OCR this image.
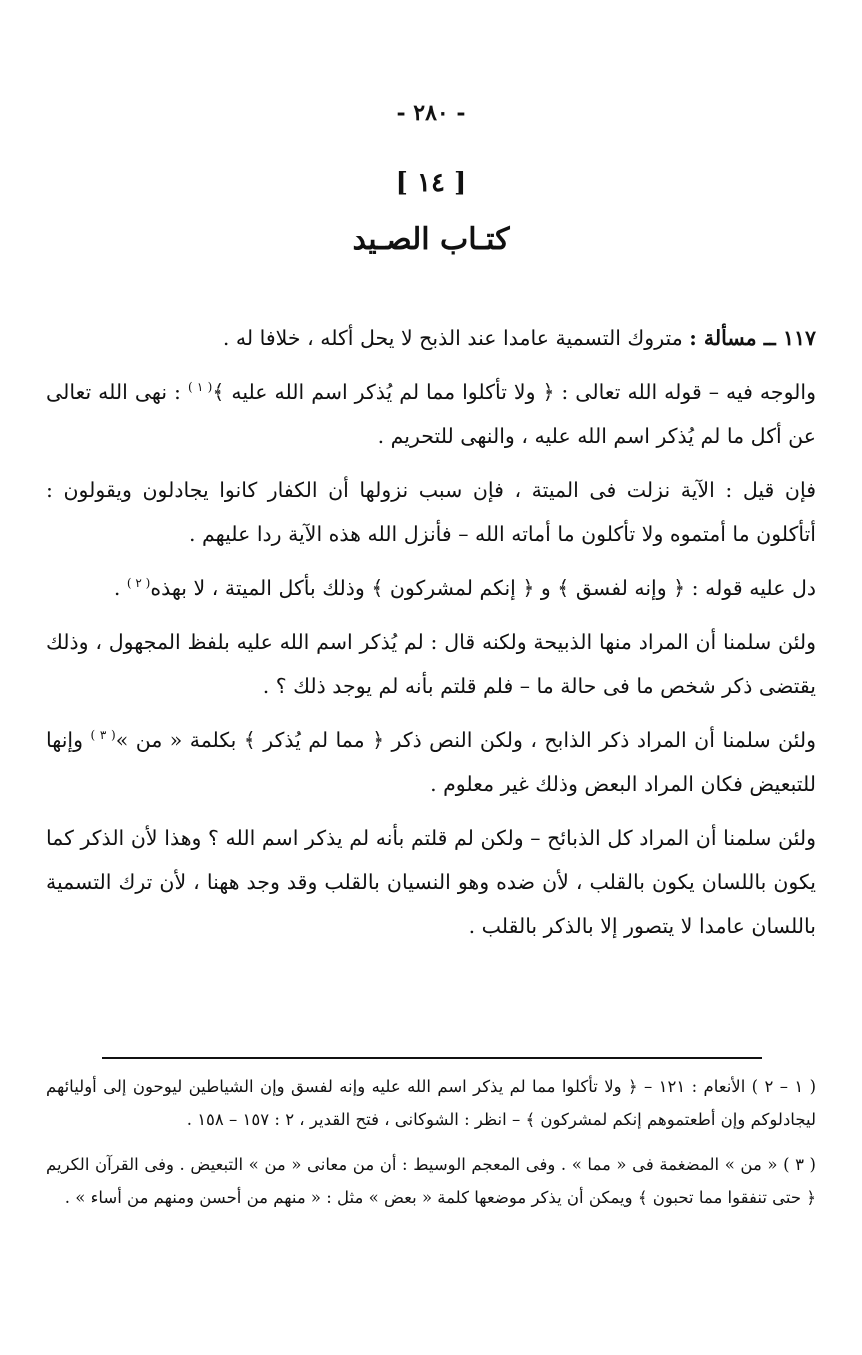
- ٢٨٠ -
[ ١٤ ]
كتـاب الصـيد

١١٧ ــ مسألة : متروك التسمية عامدا عند الذبح لا يحل أكله ، خلافا له .

والوجه فيه – قوله الله تعالى : ﴿ ولا تأكلوا مما لم يُذكر اسم الله عليه ﴾$^{( ١ )}$ : نهى الله تعالى عن أكل ما لم يُذكر اسم الله عليه ، والنهى للتحريم .

فإن قيل : الآية نزلت فى الميتة ، فإن سبب نزولها أن الكفار كانوا يجادلون ويقولون : أتأكلون ما أمتموه ولا تأكلون ما أماته الله – فأنزل الله هذه الآية ردا عليهم .

دل عليه قوله : ﴿ وإنه لفسق ﴾ و ﴿ إنكم لمشركون ﴾ وذلك بأكل الميتة ، لا بهذه$^{( ٢ )}$ .

ولئن سلمنا أن المراد منها الذبيحة ولكنه قال : لم يُذكر اسم الله عليه بلفظ المجهول ، وذلك يقتضى ذكر شخص ما فى حالة ما – فلم قلتم بأنه لم يوجد ذلك ؟ .

ولئن سلمنا أن المراد ذكر الذابح ، ولكن النص ذكر ﴿ مما لم يُذكر ﴾ بكلمة « من »$^{( ٣ )}$ وإنها للتبعيض فكان المراد البعض وذلك غير معلوم .

ولئن سلمنا أن المراد كل الذبائح – ولكن لم قلتم بأنه لم يذكر اسم الله ؟ وهذا لأن الذكر كما يكون باللسان يكون بالقلب ، لأن ضده وهو النسيان بالقلب وقد وجد ههنا ، لأن ترك التسمية باللسان عامدا لا يتصور إلا بالذكر بالقلب .

( ١ – ٢ ) الأنعام : ١٢١ – ﴿ ولا تأكلوا مما لم يذكر اسم الله عليه وإنه لفسق وإن الشياطين ليوحون إلى أوليائهم ليجادلوكم وإن أطعتموهم إنكم لمشركون ﴾ – انظر : الشوكانى ، فتح القدير ، ٢ : ١٥٧ – ١٥٨ .

( ٣ ) « من » المضغمة فى « مما » . وفى المعجم الوسيط : أن من معانى « من » التبعيض . وفى القرآن الكريم ﴿ حتى تنفقوا مما تحبون ﴾ ويمكن أن يذكر موضعها كلمة « بعض » مثل : « منهم من أحسن ومنهم من أساء » .
